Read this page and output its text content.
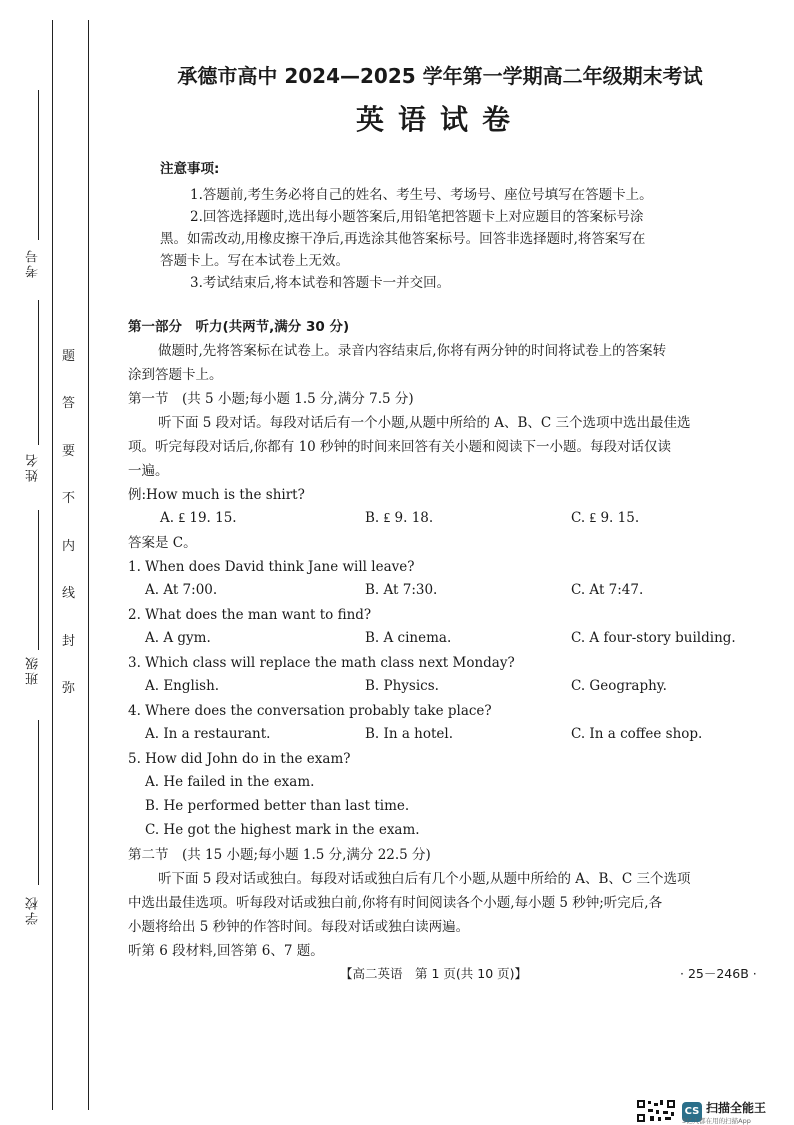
考号
姓名
班级
学校
题
答
要
不
内
线
封
弥
承德市高中 2024—2025 学年第一学期高二年级期末考试
英语试卷
注意事项:
1.答题前,考生务必将自己的姓名、考生号、考场号、座位号填写在答题卡上。
2.回答选择题时,选出每小题答案后,用铅笔把答题卡上对应题目的答案标号涂
黑。如需改动,用橡皮擦干净后,再选涂其他答案标号。回答非选择题时,将答案写在
答题卡上。写在本试卷上无效。
3.考试结束后,将本试卷和答题卡一并交回。
第一部分　听力(共两节,满分 30 分)
做题时,先将答案标在试卷上。录音内容结束后,你将有两分钟的时间将试卷上的答案转
涂到答题卡上。
第一节　(共 5 小题;每小题 1.5 分,满分 7.5 分)
听下面 5 段对话。每段对话后有一个小题,从题中所给的 A、B、C 三个选项中选出最佳选
项。听完每段对话后,你都有 10 秒钟的时间来回答有关小题和阅读下一小题。每段对话仅读
一遍。
例:How much is the shirt?
A. ₤ 19. 15.	B. ₤ 9. 18.	C. ₤ 9. 15.
答案是 C。
1. When does David think Jane will leave?
A. At 7:00.	B. At 7:30.	C. At 7:47.
2. What does the man want to find?
A. A gym.	B. A cinema.	C. A four-story building.
3. Which class will replace the math class next Monday?
A. English.	B. Physics.	C. Geography.
4. Where does the conversation probably take place?
A. In a restaurant.	B. In a hotel.	C. In a coffee shop.
5. How did John do in the exam?
A. He failed in the exam.
B. He performed better than last time.
C. He got the highest mark in the exam.
第二节　(共 15 小题;每小题 1.5 分,满分 22.5 分)
听下面 5 段对话或独白。每段对话或独白后有几个小题,从题中所给的 A、B、C 三个选项
中选出最佳选项。听每段对话或独白前,你将有时间阅读各个小题,每小题 5 秒钟;听完后,各
小题将给出 5 秒钟的作答时间。每段对话或独白读两遍。
听第 6 段材料,回答第 6、7 题。
【高二英语　第 1 页(共 10 页)】	· 25－246B ·
CS 扫描全能王
3亿人都在用的扫描App
